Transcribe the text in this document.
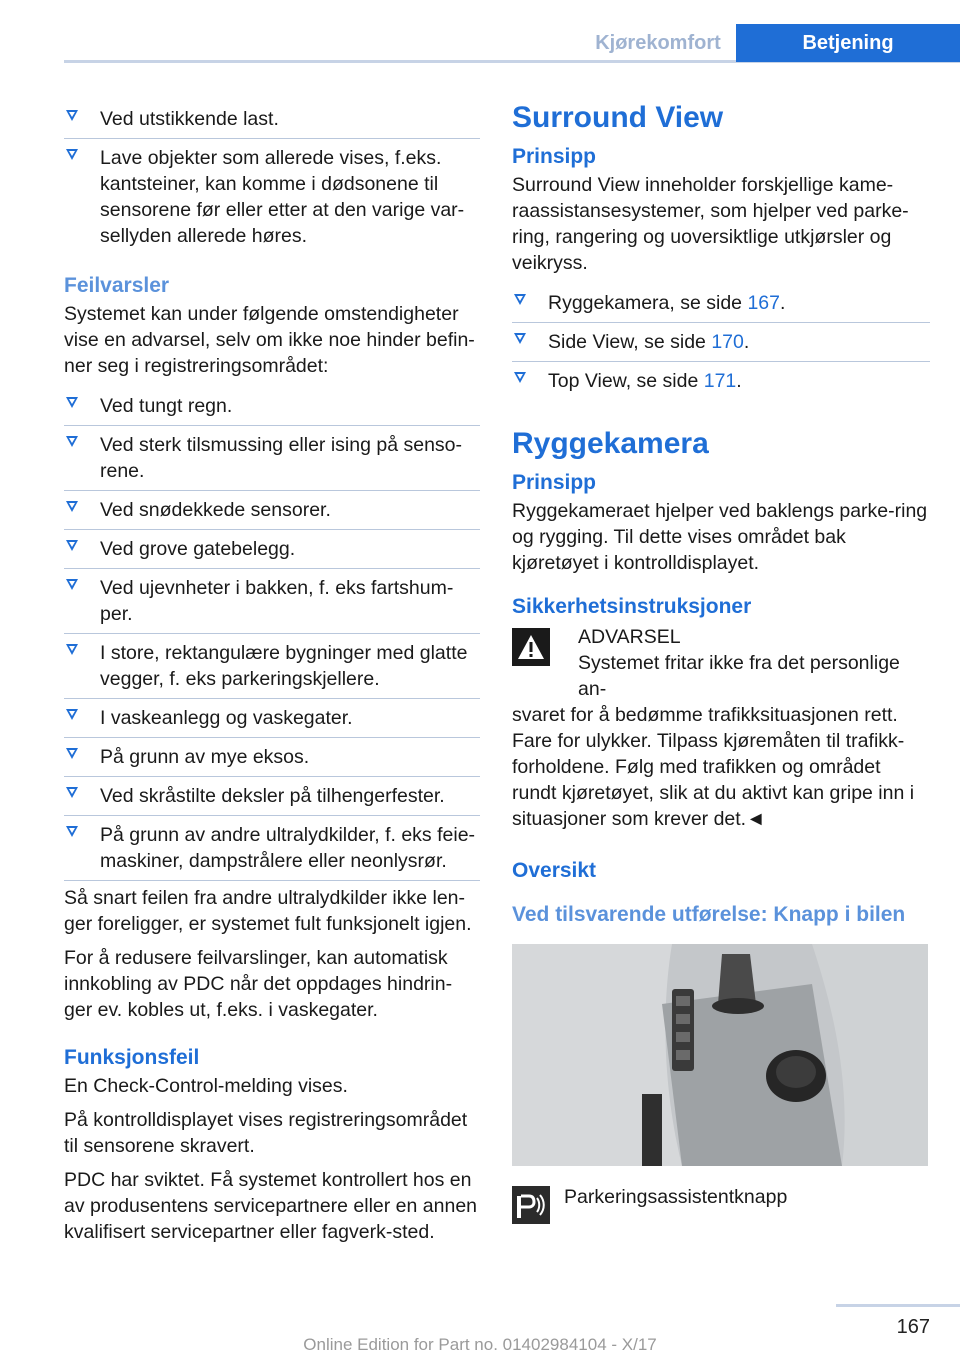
Kjørekomfort	Betjening
Ved utstikkende last.
Lave objekter som allerede vises, f.eks. kantsteiner, kan komme i dødsonene til sensorene før eller etter at den varige var‐sellyden allerede høres.
Feilvarsler

Systemet kan under følgende omstendigheter vise en advarsel, selv om ikke noe hinder befin‐ner seg i registreringsområdet:

Ved tungt regn.
Ved sterk tilsmussing eller ising på senso‐rene.
Ved snødekkede sensorer.
Ved grove gatebelegg.
Ved ujevnheter i bakken, f. eks fartshum‐per.
I store, rektangulære bygninger med glatte vegger, f. eks parkeringskjellere.
I vaskeanlegg og vaskegater.
På grunn av mye eksos.
Ved skråstilte deksler på tilhengerfester.
På grunn av andre ultralydkilder, f. eks feie‐maskiner, dampstrålere eller neonlysrør.

Så snart feilen fra andre ultralydkilder ikke len‐ger foreligger, er systemet fult funksjonelt igjen.

For å redusere feilvarslinger, kan automatisk innkobling av PDC når det oppdages hindrin‐ger ev. kobles ut, f.eks. i vaskegater.

Funksjonsfeil

En Check-Control-melding vises.

På kontrolldisplayet vises registreringsområdet til sensorene skravert.

PDC har sviktet. Få systemet kontrollert hos en av produsentens servicepartnere eller en annen kvalifisert servicepartner eller fagverk‐sted.

Surround View
Prinsipp

Surround View inneholder forskjellige kame‐raassistansesystemer, som hjelper ved parke‐ring, rangering og uoversiktlige utkjørsler og veikryss.

Ryggekamera, se side 167.
Side View, se side 170.
Top View, se side 171.
Ryggekamera
Prinsipp

Ryggekameraet hjelper ved baklengs parke‐ring og rygging. Til dette vises området bak kjøretøyet i kontrolldisplayet.

Sikkerhetsinstruksjoner
ADVARSEL
Systemet fritar ikke fra det personlige an‐
svaret for å bedømme trafikksituasjonen rett. Fare for ulykker. Tilpass kjøremåten til trafikk‐forholdene. Følg med trafikken og området rundt kjøretøyet, slik at du aktivt kan gripe inn i situasjoner som krever det.◄
Oversikt
Ved tilsvarende utførelse: Knapp i bilen
Parkeringsassistentknapp
167
Online Edition for Part no. 01402984104 - X/17
